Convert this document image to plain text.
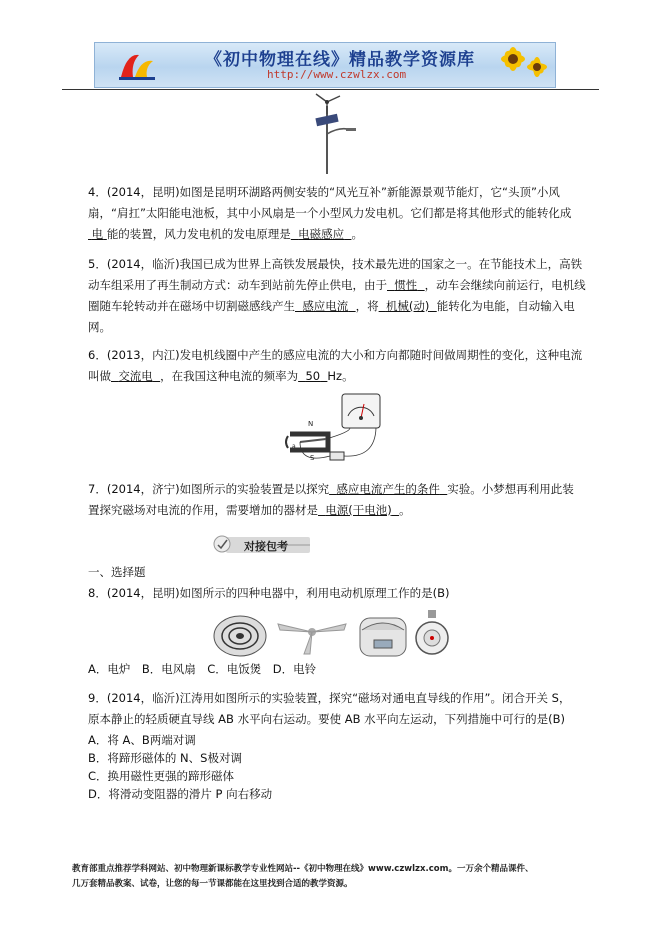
《初中物理在线》精品教学资源库
http://www.czwlzx.com
4．(2014，昆明)如图是昆明环湖路两侧安装的“风光互补”新能源景观节能灯，它“头顶”小风
扇，“肩扛”太阳能电池板，其中小风扇是一个小型风力发电机。它们都是将其他形式的能转化成
电 能的装置，风力发电机的发电原理是 电磁感应 。
5．(2014，临沂)我国已成为世界上高铁发展最快，技术最先进的国家之一。在节能技术上，高铁
动车组采用了再生制动方式：动车到站前先停止供电，由于 惯性 ，动车会继续向前运行，电机线
圈随车轮转动并在磁场中切割磁感线产生 感应电流 ，将 机械(动) 能转化为电能，自动输入电
网。
6．(2013，内江)发电机线圈中产生的感应电流的大小和方向都随时间做周期性的变化，这种电流
叫做 交流电 ，在我国这种电流的频率为 50 Hz。
N
S
a
7．(2014，济宁)如图所示的实验装置是以探究 感应电流产生的条件 实验。小梦想再利用此装
置探究磁场对电流的作用，需要增加的器材是 电源(干电池) 。
对接包考
一、选择题
8．(2014，昆明)如图所示的四种电器中，利用电动机原理工作的是(B)
A．电炉　B．电风扇　C．电饭煲　D．电铃
9．(2014，临沂)江涛用如图所示的实验装置，探究“磁场对通电直导线的作用”。闭合开关 S，
原本静止的轻质硬直导线 AB 水平向右运动。要使 AB 水平向左运动，下列措施中可行的是(B)
A．将 A、B两端对调
B．将蹄形磁体的 N、S极对调
C．换用磁性更强的蹄形磁体
D．将滑动变阻器的滑片 P 向右移动
教育部重点推荐学科网站、初中物理新课标教学专业性网站--《初中物理在线》www.czwlzx.com。一万余个精品课件、
几万套精品教案、试卷，让您的每一节课都能在这里找到合适的教学资源。
